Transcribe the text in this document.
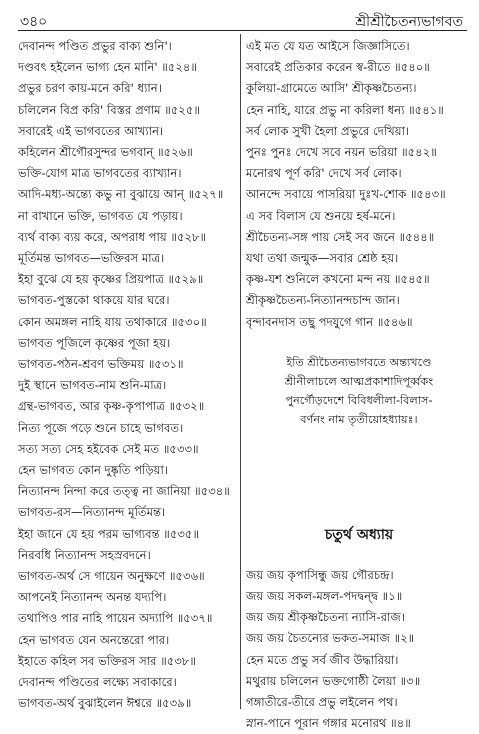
৩৪০	শ্রীশ্রীচৈতন্যভাগবত
দেবানন্দ পণ্ডিত প্রভুর বাক্য শুনি'।
দণ্ডবৎ হইলেন ভাগ্য হেন মানি' ॥৫২৪॥
প্রভুর চরণ কায়-মনে করি' ধ্যান।
চলিলেন বিপ্র করি' বিস্তর প্রণাম ॥৫২৫॥
সবারেই এই ভাগবতের আখ্যান।
কহিলেন শ্রীগৌরসুন্দর ভগবান্ ॥৫২৬॥
ভক্তি-যোগ মাত্র ভাগবতের ব্যাখ্যান।
আদি-মধ্য-অন্ত্যে কভু না বুঝায়ে আন্ ॥৫২৭॥
না বাখানে ভক্তি, ভাগবত যে পড়ায়।
ব্যর্থ বাক্য ব্যয় করে, অপরাধ পায় ॥৫২৮॥
মূর্তিমন্ত ভাগবত—ভক্তিরস মাত্র।
ইহা বুঝে যে হয় কৃষ্ণের প্রিয়পাত্র ॥৫২৯॥
ভাগবত-পুস্তকো থাকয়ে যার ঘরে।
কোন অমঙ্গল নাহি যায় তথাকারে ॥৫৩০॥
ভাগবত পূজিলে কৃষ্ণের পূজা হয়।
ভাগবত-পঠন-শ্রবণ ভক্তিময় ॥৫৩১॥
দুই স্থানে ভাগবত-নাম শুনি-মাত্র।
গ্রন্থ-ভাগবত, আর কৃষ্ণ-কৃপাপাত্র ॥৫৩২॥
নিত্য পূজে পড়ে শুনে চাহে ভাগবত।
সত্য সত্য সেহ হইবেক সেই মত ॥৫৩৩॥
হেন ভাগবত কোন দুষ্কৃতি পড়িয়া।
নিত্যানন্দ নিন্দা করে তত্ত্ব না জানিয়া ॥৫৩৪॥
ভাগবত-রস—নিত্যানন্দ মূর্তিমন্ত।
ইহা জানে যে হয় পরম ভাগ্যবন্ত ॥৫৩৫॥
নিরবধি নিত্যানন্দ সহস্রবদনে।
ভাগবত-অর্থ সে গায়েন অনুক্ষণে ॥৫৩৬॥
আপনেই নিত্যানন্দ অনন্ত যদ্যপি।
তথাপিও পার নাহি পায়েন অদ্যাপি ॥৫৩৭॥
হেন ভাগবত যেন অনন্তেরো পার।
ইহাতে কহিল সব ভক্তিরস সার ॥৫৩৮॥
দেবানন্দ পণ্ডিতের লক্ষ্যে সবাকারে।
ভাগবত-অর্থ বুঝাইলেন ঈশ্বরে ॥৫৩৯॥
এই মত যে যত আইসে জিজ্ঞাসিতে।
সবারেই প্রতিকার করেন স্ব-রীতে ॥৫৪০॥
কুলিয়া-গ্রামেতে আসি' শ্রীকৃষ্ণচৈতন্য।
হেন নাহি, যারে প্রভু না করিলা ধন্য ॥৫৪১॥
সর্ব লোক সুখী হৈলা প্রভুরে দেখিয়া।
পুনঃ পুনঃ দেখে সবে নয়ন ভরিয়া ॥৫৪২॥
মনোরথ পূর্ণ করি' দেখে সর্ব লোক।
আনন্দে সবায়ে পাসরিয়া দুঃখ-শোক ॥৫৪৩॥
এ সব বিলাস যে শুনয়ে হর্ষ-মনে।
শ্রীচৈতন্য-সঙ্গ পায় সেই সব জনে ॥৫৪৪॥
যথা তথা জন্মুক—সবার শ্রেষ্ঠ হয়।
কৃষ্ণ-যশ শুনিলে কখনো মন্দ নয় ॥৫৪৫॥
শ্রীকৃষ্ণচৈতন্য-নিত্যানন্দচান্দ জান।
বৃন্দাবনদাস তছু পদযুগে গান ॥৫৪৬॥
ইতি শ্রীচৈতন্যভাগবতে অন্ত্যখণ্ডে
শ্রীনীলাচলে আত্মপ্রকাশাদিপূর্ব্বকং
পুনর্গৌড়দেশে বিবিধলীলা-বিলাস-
বর্ণনং নাম তৃতীয়োহধ্যায়ঃ।
চতুর্থ অধ্যায়
জয় জয় কৃপাসিন্ধু জয় গৌরচন্দ্র।
জয় জয় সকল-মঙ্গল-পদদ্বন্দ্ব ॥১॥
জয় জয় শ্রীকৃষ্ণচৈতন্য ন্যাসি-রাজ।
জয় জয় চৈতন্যের ভকত-সমাজ ॥২॥
হেন মতে প্রভু সর্ব জীব উদ্ধারিয়া।
মথুরায় চলিলেন ভক্তগোষ্ঠী লৈয়া ॥৩॥
গঙ্গাতীরে-তীরে প্রভু লইলেন পথ।
স্নান-পানে পূরান গঙ্গার মনোরথ ॥৪॥
